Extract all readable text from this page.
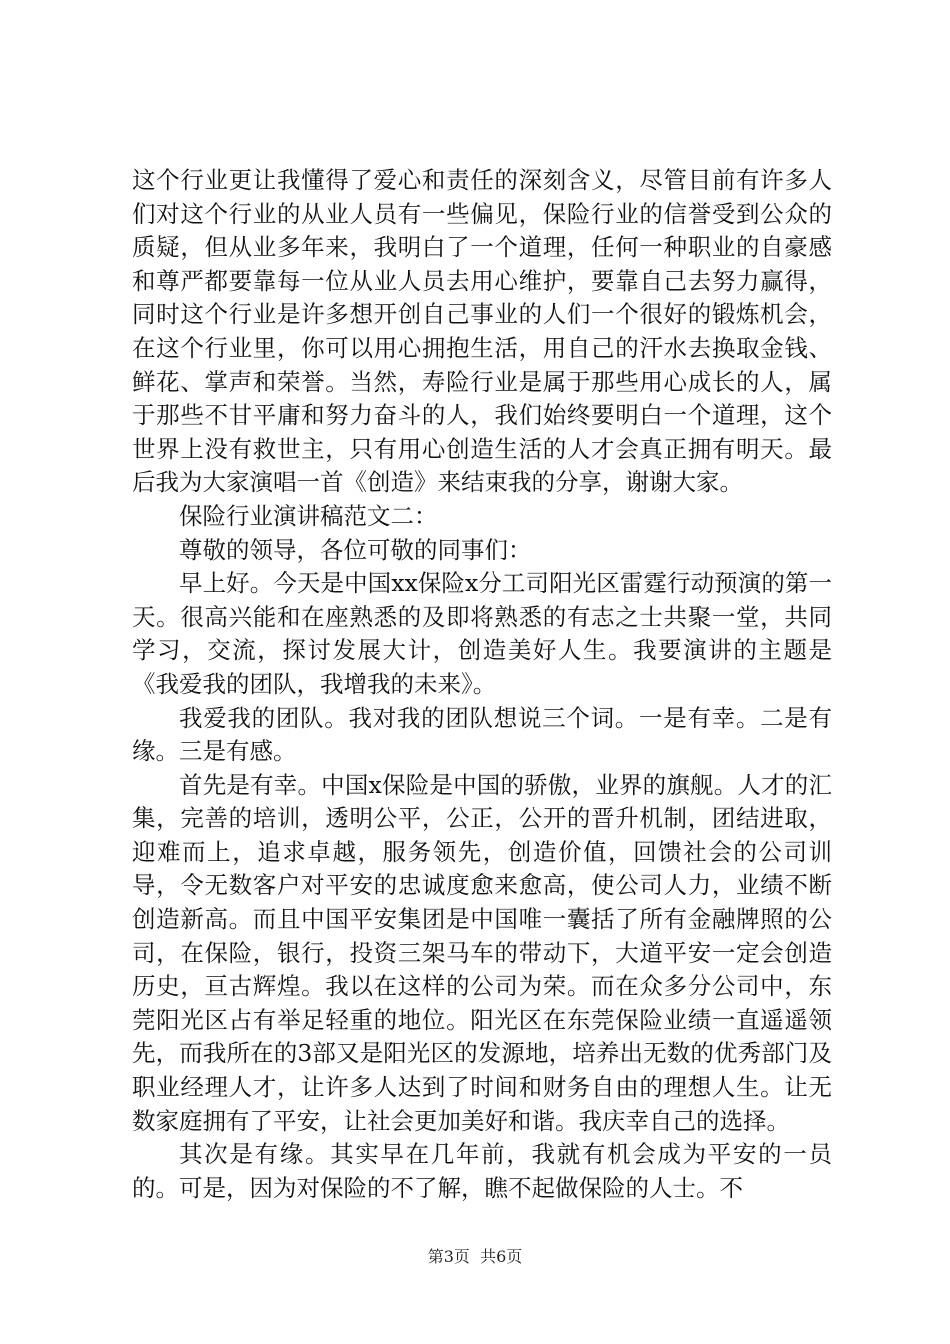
这个行业更让我懂得了爱心和责任的深刻含义，尽管目前有许多人们对这个行业的从业人员有一些偏见，保险行业的信誉受到公众的质疑，但从业多年来，我明白了一个道理，任何一种职业的自豪感和尊严都要靠每一位从业人员去用心维护，要靠自己去努力赢得，同时这个行业是许多想开创自己事业的人们一个很好的锻炼机会，在这个行业里，你可以用心拥抱生活，用自己的汗水去换取金钱、鲜花、掌声和荣誉。当然，寿险行业是属于那些用心成长的人，属于那些不甘平庸和努力奋斗的人，我们始终要明白一个道理，这个世界上没有救世主，只有用心创造生活的人才会真正拥有明天。最后我为大家演唱一首《创造》来结束我的分享，谢谢大家。

保险行业演讲稿范文二：

尊敬的领导，各位可敬的同事们：

早上好。今天是中国xx保险x分工司阳光区雷霆行动预演的第一天。很高兴能和在座熟悉的及即将熟悉的有志之士共聚一堂，共同学习，交流，探讨发展大计，创造美好人生。我要演讲的主题是《我爱我的团队，我增我的未来》。

我爱我的团队。我对我的团队想说三个词。一是有幸。二是有缘。三是有感。

首先是有幸。中国x保险是中国的骄傲，业界的旗舰。人才的汇集，完善的培训，透明公平，公正，公开的晋升机制，团结进取，迎难而上，追求卓越，服务领先，创造价值，回馈社会的公司训导，令无数客户对平安的忠诚度愈来愈高，使公司人力，业绩不断创造新高。而且中国平安集团是中国唯一囊括了所有金融牌照的公司，在保险，银行，投资三架马车的带动下，大道平安一定会创造历史，亘古辉煌。我以在这样的公司为荣。而在众多分公司中，东莞阳光区占有举足轻重的地位。阳光区在东莞保险业绩一直遥遥领先，而我所在的3部又是阳光区的发源地，培养出无数的优秀部门及职业经理人才，让许多人达到了时间和财务自由的理想人生。让无数家庭拥有了平安，让社会更加美好和谐。我庆幸自己的选择。

其次是有缘。其实早在几年前，我就有机会成为平安的一员的。可是，因为对保险的不了解，瞧不起做保险的人士。不

第3页  共6页
